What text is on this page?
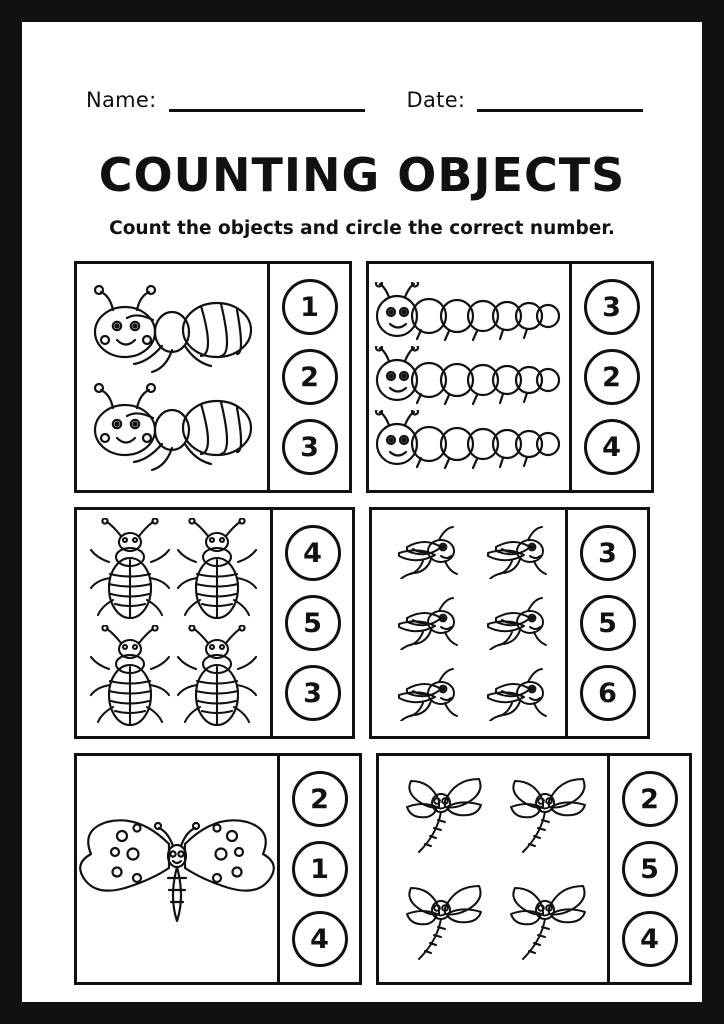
Name:	Date:
COUNTING OBJECTS
Count the objects and circle the correct number.
1
2
3
3
2
4
4
5
3
3
5
6
2
1
4
2
5
4
